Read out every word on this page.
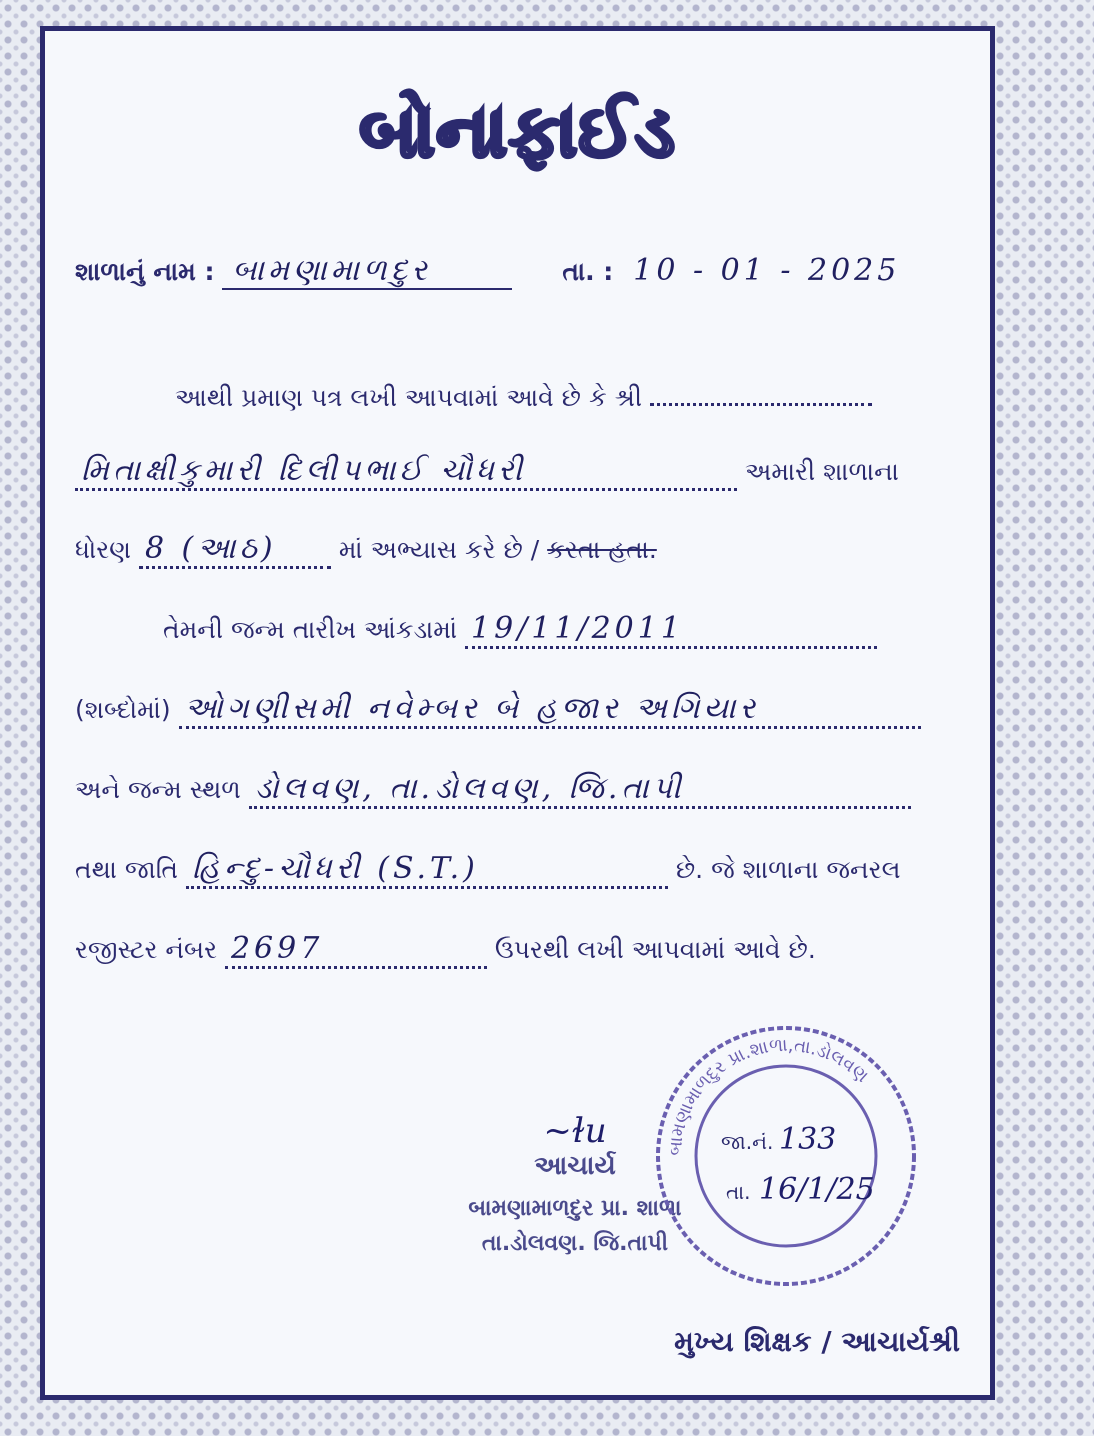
બોનાફાઈડ
શાળાનું નામ : બામણામાળદુર	તા. : 10 - 01 - 2025
આથી પ્રમાણ પત્ર લખી આપવામાં આવે છે કે શ્રી
મિતાક્ષીકુમારી દિલીપભાઈ ચૌધરી	અમારી શાળાના
ધોરણ 8 (આઠ) માં અભ્યાસ કરે છે / કરતા હતા.
તેમની જન્મ તારીખ આંકડામાં 19/11/2011
(શબ્દોમાં) ઓગણીસમી નવેમ્બર બે હજાર અગિયાર
અને જન્મ સ્થળ ડોલવણ, તા.ડોલવણ, જિ.તાપી
તથા જાતિ હિન્દુ-ચૌધરી (S.T.)	છે. જે શાળાના જનરલ
રજીસ્ટર નંબર 2697	ઉપરથી લખી આપવામાં આવે છે.
~ɫu
આચાર્ય
બામણામાળદુર પ્રા. શાળા
તા.ડોલવણ. જિ.તાપી
બામણામાળદુર પ્રા.શાળા,તા.ડોલવણ
જા.નં. 133
તા. 16/1/25
મુખ્ય શિક્ષક / આચાર્યશ્રી
